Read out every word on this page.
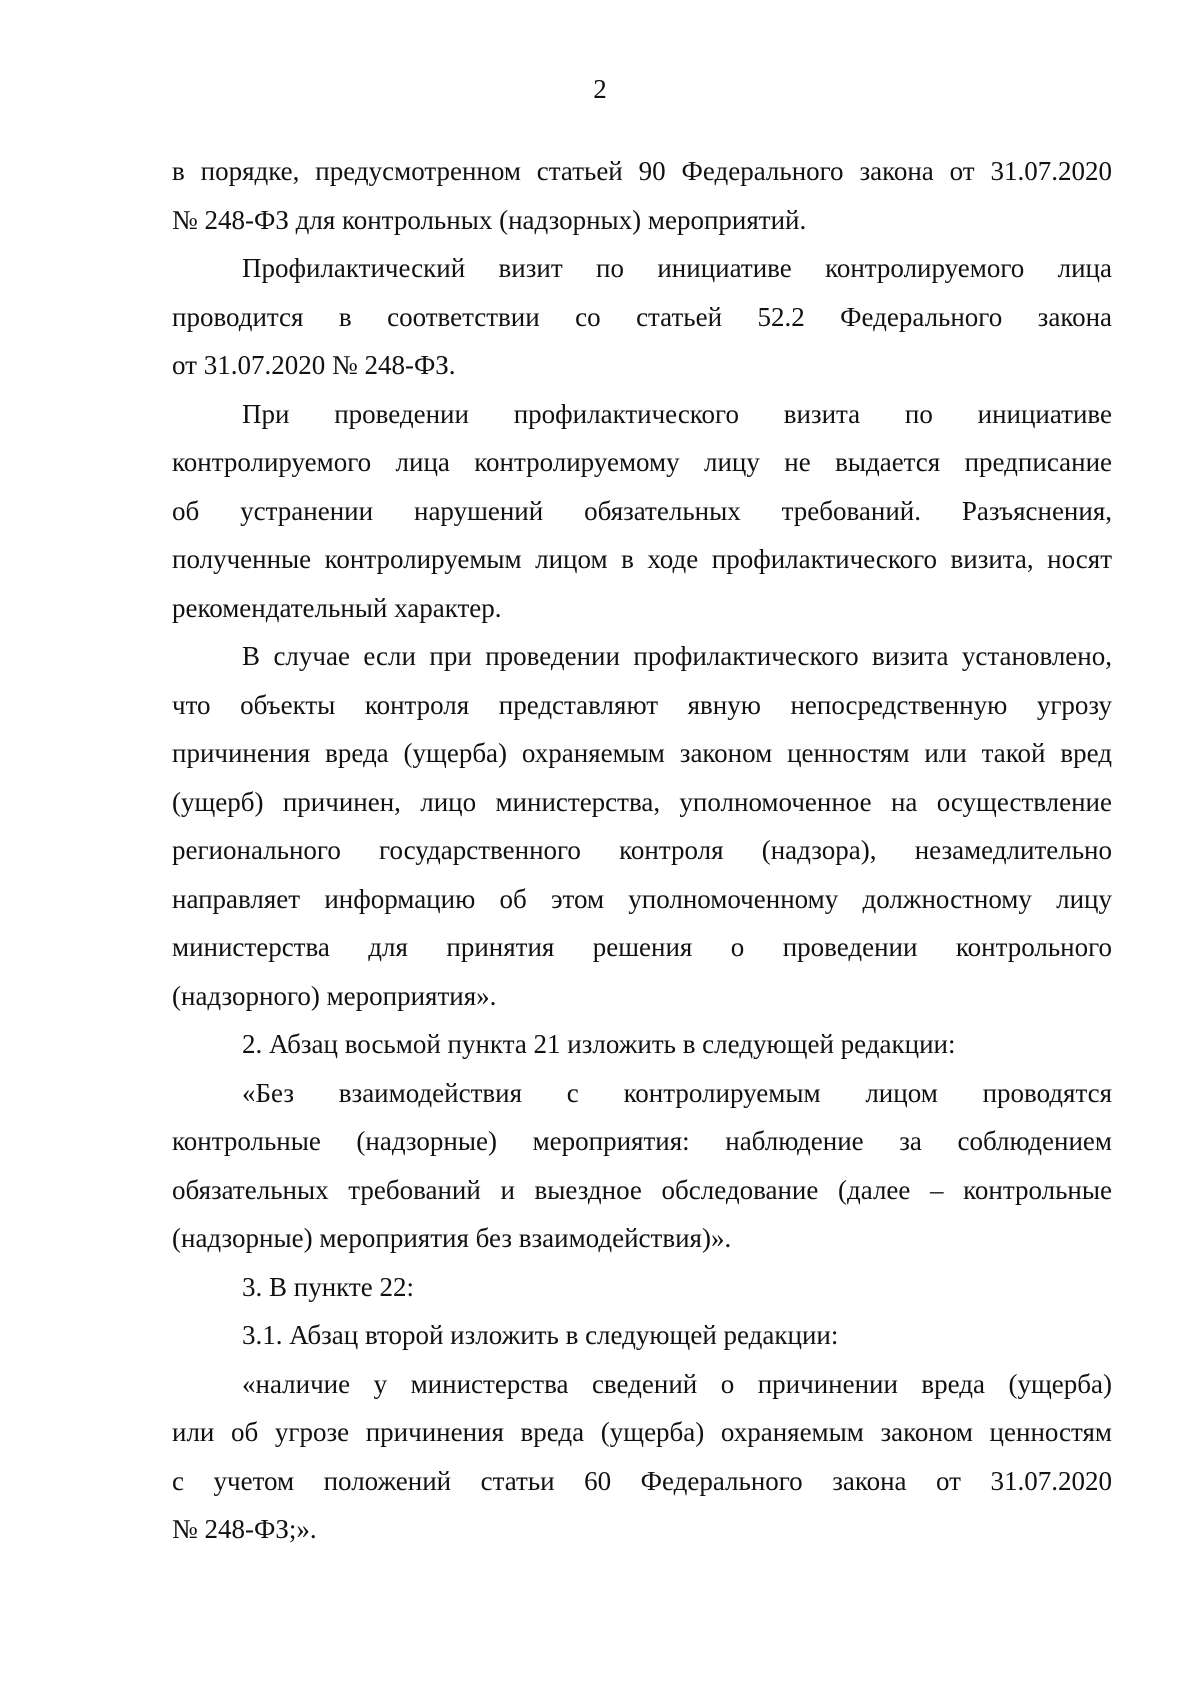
2
в порядке, предусмотренном статьей 90 Федерального закона от 31.07.2020
№ 248-ФЗ для контрольных (надзорных) мероприятий.
Профилактический визит по инициативе контролируемого лица
проводится в соответствии со статьей 52.2 Федерального закона
от 31.07.2020 № 248-ФЗ.
При проведении профилактического визита по инициативе
контролируемого лица контролируемому лицу не выдается предписание
об устранении нарушений обязательных требований. Разъяснения,
полученные контролируемым лицом в ходе профилактического визита, носят
рекомендательный характер.
В случае если при проведении профилактического визита установлено,
что объекты контроля представляют явную непосредственную угрозу
причинения вреда (ущерба) охраняемым законом ценностям или такой вред
(ущерб) причинен, лицо министерства, уполномоченное на осуществление
регионального государственного контроля (надзора), незамедлительно
направляет информацию об этом уполномоченному должностному лицу
министерства для принятия решения о проведении контрольного
(надзорного) мероприятия».
2. Абзац восьмой пункта 21 изложить в следующей редакции:
«Без взаимодействия с контролируемым лицом проводятся
контрольные (надзорные) мероприятия: наблюдение за соблюдением
обязательных требований и выездное обследование (далее – контрольные
(надзорные) мероприятия без взаимодействия)».
3. В пункте 22:
3.1. Абзац второй изложить в следующей редакции:
«наличие у министерства сведений о причинении вреда (ущерба)
или об угрозе причинения вреда (ущерба) охраняемым законом ценностям
с учетом положений статьи 60 Федерального закона от 31.07.2020
№ 248-ФЗ;».
